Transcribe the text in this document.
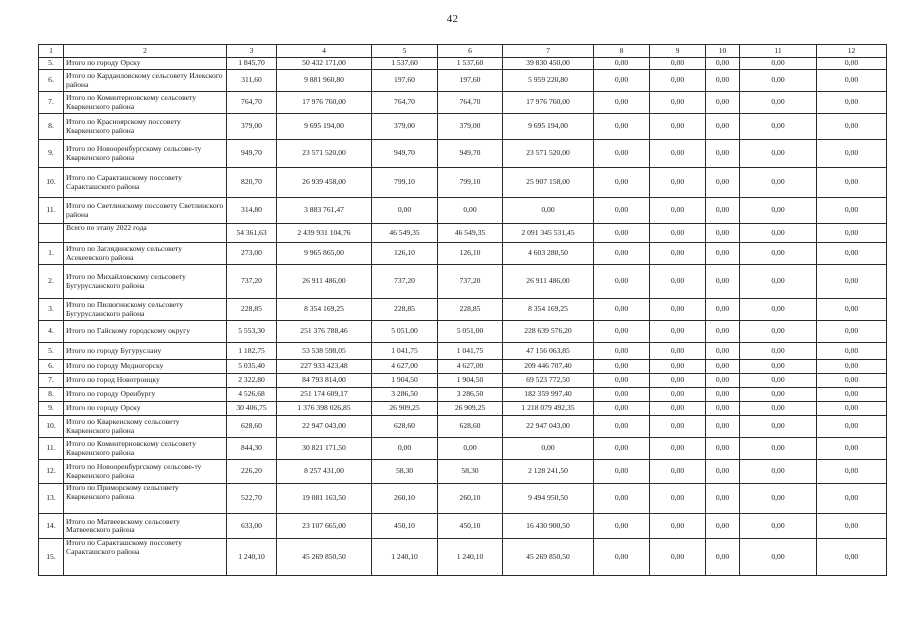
42
1	2	3	4	5	6	7	8	9	10	11	12
5.	Итого по городу Орску	1 845,70	50 432 171,00	1 537,60	1 537,60	39 830 450,00	0,00	0,00	0,00	0,00	0,00
6.	Итого по Кардаиловскому сельсовету Илекского района	311,60	9 881 960,80	197,60	197,60	5 959 220,80	0,00	0,00	0,00	0,00	0,00
7.	Итого по Коминтерновскому сельсовету Кваркенского района	764,70	17 976 760,00	764,70	764,70	17 976 760,00	0,00	0,00	0,00	0,00	0,00
8.	Итого по Красноярскому поссовету Кваркенского района	379,00	9 695 194,00	379,00	379,00	9 695 194,00	0,00	0,00	0,00	0,00	0,00
9.	Итого по Новоорeнбургскому сельсове-ту Кваркенского района	949,70	23 571 520,00	949,70	949,70	23 571 520,00	0,00	0,00	0,00	0,00	0,00
10.	Итого по Саракташскому поссовету Саракташского района	820,70	26 939 458,00	799,10	799,10	25 907 158,00	0,00	0,00	0,00	0,00	0,00
11.	Итого по Светлинскому поссовету Светлинского района	314,80	3 883 761,47	0,00	0,00	0,00	0,00	0,00	0,00	0,00	0,00
	Всего по этапу 2022 года	54 361,63	2 439 931 104,76	46 549,35	46 549,35	2 091 345 531,45	0,00	0,00	0,00	0,00	0,00
1.	Итого по Заглядинскому сельсовету Асекеевского района	273,00	9 965 865,00	126,10	126,10	4 603 280,50	0,00	0,00	0,00	0,00	0,00
2.	Итого по Михайловскому сельсовету Бугурусланского района	737,20	26 911 486,00	737,20	737,20	26 911 486,00	0,00	0,00	0,00	0,00	0,00
3.	Итого по Пилюгинскому сельсовету Бугурусланского района	228,85	8 354 169,25	228,85	228,85	8 354 169,25	0,00	0,00	0,00	0,00	0,00
4.	Итого по Гайскому городскому округу	5 553,30	251 376 788,46	5 051,00	5 051,00	228 639 576,20	0,00	0,00	0,00	0,00	0,00
5.	Итого по городу Бугуруслану	1 182,75	53 538 598,05	1 041,75	1 041,75	47 156 063,85	0,00	0,00	0,00	0,00	0,00
6.	Итого по городу Медногорску	5 035,40	227 933 423,48	4 627,00	4 627,00	209 446 707,40	0,00	0,00	0,00	0,00	0,00
7.	Итого по город Новотроицку	2 322,80	84 793 814,00	1 904,50	1 904,50	69 523 772,50	0,00	0,00	0,00	0,00	0,00
8.	Итого по городу Оренбургу	4 526,68	251 174 609,17	3 286,50	3 286,50	182 359 997,40	0,00	0,00	0,00	0,00	0,00
9.	Итого по городу Орску	30 406,75	1 376 398 026,85	26 909,25	26 909,25	1 218 079 492,35	0,00	0,00	0,00	0,00	0,00
10.	Итого по Кваркенскому сельсовету Кваркенского района	628,60	22 947 043,00	628,60	628,60	22 947 043,00	0,00	0,00	0,00	0,00	0,00
11.	Итого по Коминтерновскому сельсовету Кваркенского района	844,30	30 821 171,50	0,00	0,00	0,00	0,00	0,00	0,00	0,00	0,00
12.	Итого по Новоорeнбургскому сельсове-ту Кваркенского района	226,20	8 257 431,00	58,30	58,30	2 128 241,50	0,00	0,00	0,00	0,00	0,00
13.	Итого по Приморскому сельсовету Кваркенского района	522,70	19 081 163,50	260,10	260,10	9 494 950,50	0,00	0,00	0,00	0,00	0,00
14.	Итого по Матвеевскому сельсовету Матвеевского района	633,00	23 107 665,00	450,10	450,10	16 430 900,50	0,00	0,00	0,00	0,00	0,00
15.	Итого по Саракташскому поссовету Саракташского района	1 240,10	45 269 850,50	1 240,10	1 240,10	45 269 850,50	0,00	0,00	0,00	0,00	0,00
